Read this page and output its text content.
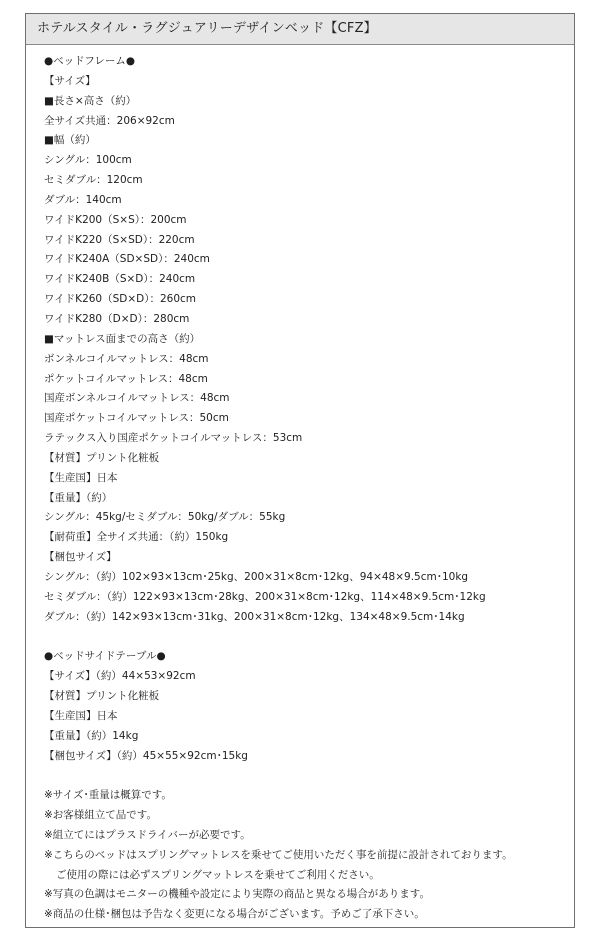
ホテルスタイル・ラグジュアリーデザインベッド【CFZ】
●ベッドフレーム●
【サイズ】
■長さ×高さ（約）
全サイズ共通：206×92cm
■幅（約）
シングル：100cm
セミダブル：120cm
ダブル：140cm
ワイドK200（S×S）：200cm
ワイドK220（S×SD）：220cm
ワイドK240A（SD×SD）：240cm
ワイドK240B（S×D）：240cm
ワイドK260（SD×D）：260cm
ワイドK280（D×D）：280cm
■マットレス面までの高さ（約）
ボンネルコイルマットレス：48cm
ポケットコイルマットレス：48cm
国産ボンネルコイルマットレス：48cm
国産ポケットコイルマットレス：50cm
ラテックス入り国産ポケットコイルマットレス：53cm
【材質】プリント化粧板
【生産国】日本
【重量】（約）
シングル：45kg/セミダブル：50kg/ダブル：55kg
【耐荷重】全サイズ共通：（約）150kg
【梱包サイズ】
シングル：（約）102×93×13cm･25kg、200×31×8cm･12kg、94×48×9.5cm･10kg
セミダブル：（約）122×93×13cm･28kg、200×31×8cm･12kg、114×48×9.5cm･12kg
ダブル：（約）142×93×13cm･31kg、200×31×8cm･12kg、134×48×9.5cm･14kg
●ベッドサイドテーブル●
【サイズ】（約）44×53×92cm
【材質】プリント化粧板
【生産国】日本
【重量】（約）14kg
【梱包サイズ】（約）45×55×92cm･15kg
※サイズ･重量は概算です。
※お客様組立て品です。
※組立てにはプラスドライバーが必要です。
※こちらのベッドはスプリングマットレスを乗せてご使用いただく事を前提に設計されております。
ご使用の際には必ずスプリングマットレスを乗せてご利用ください。
※写真の色調はモニターの機種や設定により実際の商品と異なる場合があります。
※商品の仕様･梱包は予告なく変更になる場合がございます。予めご了承下さい。
